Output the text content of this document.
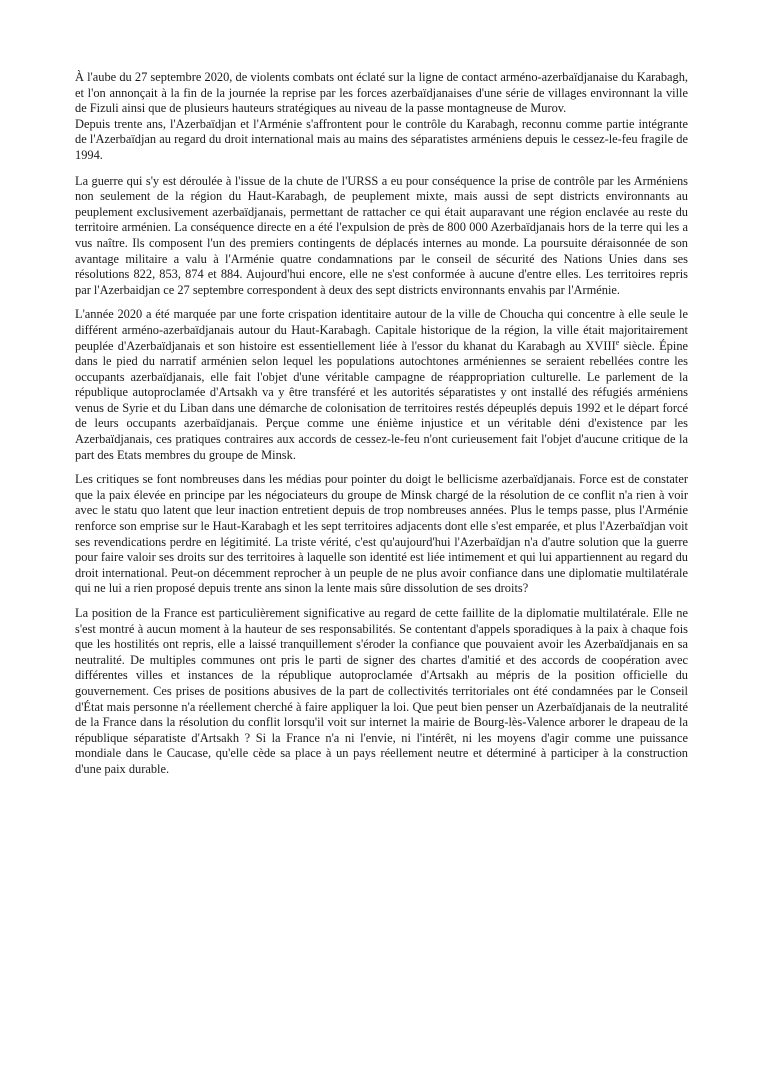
À l'aube du 27 septembre 2020, de violents combats ont éclaté sur la ligne de contact arméno-azerbaïdjanaise du Karabagh, et l'on annonçait à la fin de la journée la reprise par les forces azerbaïdjanaises d'une série de villages environnant la ville de Fizuli ainsi que de plusieurs hauteurs stratégiques au niveau de la passe montagneuse de Murov.

Depuis trente ans, l'Azerbaïdjan et l'Arménie s'affrontent pour le contrôle du Karabagh, reconnu comme partie intégrante de l'Azerbaïdjan au regard du droit international mais au mains des séparatistes arméniens depuis le cessez-le-feu fragile de 1994.

La guerre qui s'y est déroulée à l'issue de la chute de l'URSS a eu pour conséquence la prise de contrôle par les Arméniens non seulement de la région du Haut-Karabagh, de peuplement mixte, mais aussi de sept districts environnants au peuplement exclusivement azerbaïdjanais, permettant de rattacher ce qui était auparavant une région enclavée au reste du territoire arménien. La conséquence directe en a été l'expulsion de près de 800 000 Azerbaïdjanais hors de la terre qui les a vus naître. Ils composent l'un des premiers contingents de déplacés internes au monde. La poursuite déraisonnée de son avantage militaire a valu à l'Arménie quatre condamnations par le conseil de sécurité des Nations Unies dans ses résolutions 822, 853, 874 et 884. Aujourd'hui encore, elle ne s'est conformée à aucune d'entre elles. Les territoires repris par l'Azerbaidjan ce 27 septembre correspondent à deux des sept districts environnants envahis par l'Arménie.

L'année 2020 a été marquée par une forte crispation identitaire autour de la ville de Choucha qui concentre à elle seule le différent arméno-azerbaïdjanais autour du Haut-Karabagh. Capitale historique de la région, la ville était majoritairement peuplée d'Azerbaïdjanais et son histoire est essentiellement liée à l'essor du khanat du Karabagh au XVIIIe siècle. Épine dans le pied du narratif arménien selon lequel les populations autochtones arméniennes se seraient rebellées contre les occupants azerbaïdjanais, elle fait l'objet d'une véritable campagne de réappropriation culturelle. Le parlement de la république autoproclamée d'Artsakh va y être transféré et les autorités séparatistes y ont installé des réfugiés arméniens venus de Syrie et du Liban dans une démarche de colonisation de territoires restés dépeuplés depuis 1992 et le départ forcé de leurs occupants azerbaïdjanais. Perçue comme une énième injustice et un véritable déni d'existence par les Azerbaïdjanais, ces pratiques contraires aux accords de cessez-le-feu n'ont curieusement fait l'objet d'aucune critique de la part des Etats membres du groupe de Minsk.

Les critiques se font nombreuses dans les médias pour pointer du doigt le bellicisme azerbaïdjanais. Force est de constater que la paix élevée en principe par les négociateurs du groupe de Minsk chargé de la résolution de ce conflit n'a rien à voir avec le statu quo latent que leur inaction entretient depuis de trop nombreuses années. Plus le temps passe, plus l'Arménie renforce son emprise sur le Haut-Karabagh et les sept territoires adjacents dont elle s'est emparée, et plus l'Azerbaïdjan voit ses revendications perdre en légitimité. La triste vérité, c'est qu'aujourd'hui l'Azerbaïdjan n'a d'autre solution que la guerre pour faire valoir ses droits sur des territoires à laquelle son identité est liée intimement et qui lui appartiennent au regard du droit international. Peut-on décemment reprocher à un peuple de ne plus avoir confiance dans une diplomatie multilatérale qui ne lui a rien proposé depuis trente ans sinon la lente mais sûre dissolution de ses droits?

La position de la France est particulièrement significative au regard de cette faillite de la diplomatie multilatérale. Elle ne s'est montré à aucun moment à la hauteur de ses responsabilités. Se contentant d'appels sporadiques à la paix à chaque fois que les hostilités ont repris, elle a laissé tranquillement s'éroder la confiance que pouvaient avoir les Azerbaïdjanais en sa neutralité. De multiples communes ont pris le parti de signer des chartes d'amitié et des accords de coopération avec différentes villes et instances de la république autoproclamée d'Artsakh au mépris de la position officielle du gouvernement. Ces prises de positions abusives de la part de collectivités territoriales ont été condamnées par le Conseil d'État mais personne n'a réellement cherché à faire appliquer la loi. Que peut bien penser un Azerbaïdjanais de la neutralité de la France dans la résolution du conflit lorsqu'il voit sur internet la mairie de Bourg-lès-Valence arborer le drapeau de la république séparatiste d'Artsakh ? Si la France n'a ni l'envie, ni l'intérêt, ni les moyens d'agir comme une puissance mondiale dans le Caucase, qu'elle cède sa place à un pays réellement neutre et déterminé à participer à la construction d'une paix durable.
